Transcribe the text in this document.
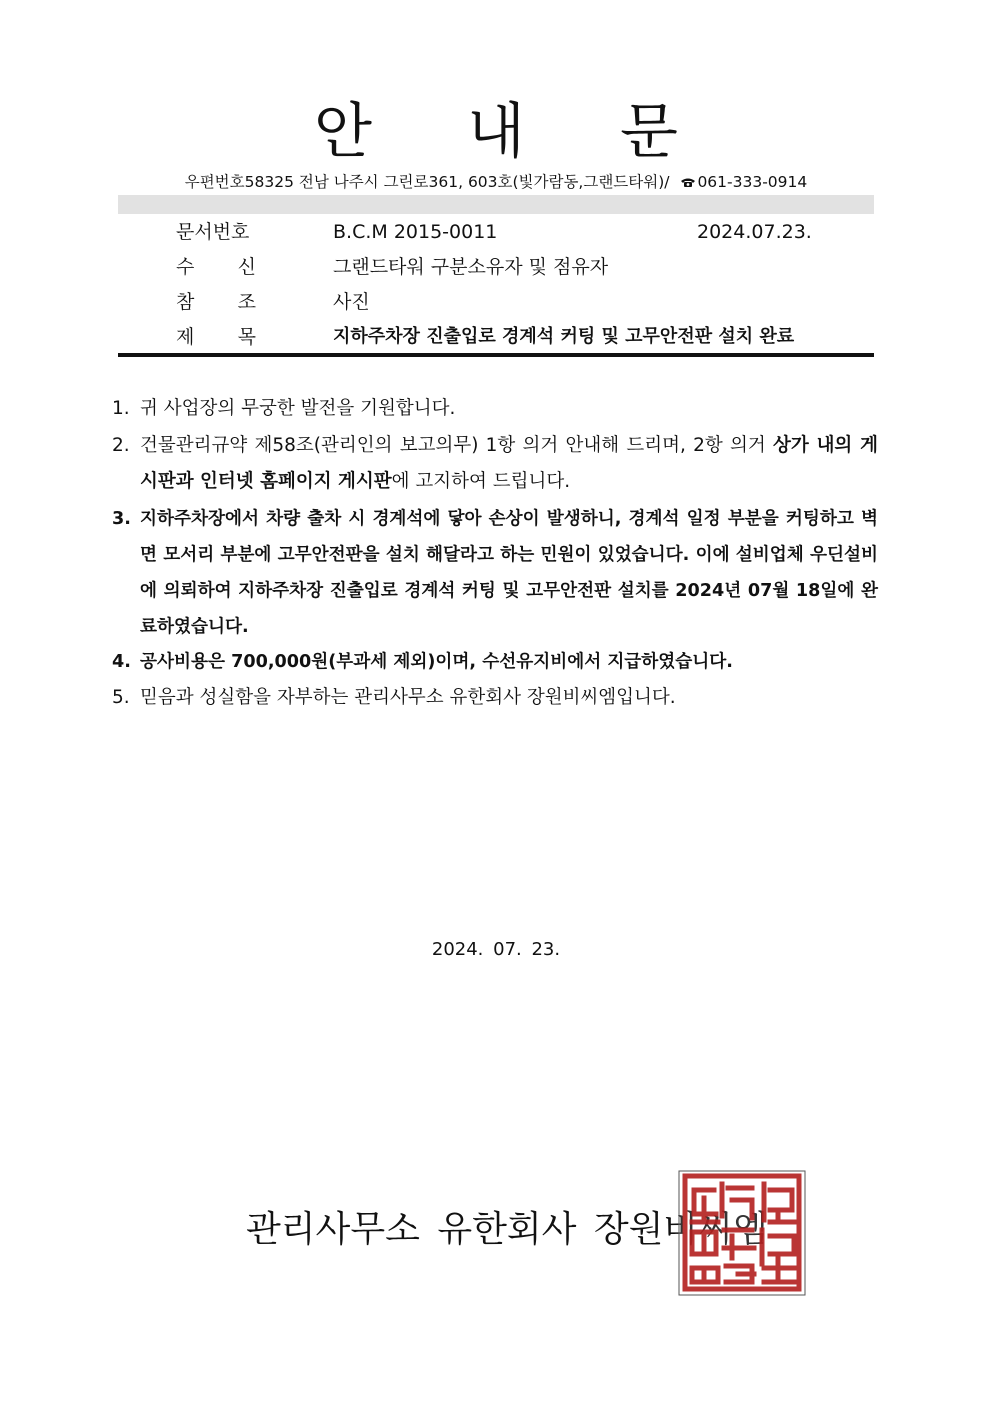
안 내 문
우편번호58325 전남 나주시 그린로361, 603호(빛가람동,그랜드타워)/ 061-333-0914
문서번호	B.C.M 2015-0011	2024.07.23.
수 신	그랜드타워 구분소유자 및 점유자
참 조	사진
제 목	지하주차장 진출입로 경계석 커팅 및 고무안전판 설치 완료
1. 귀 사업장의 무궁한 발전을 기원합니다.
2. 건물관리규약 제58조(관리인의 보고의무) 1항 의거 안내해 드리며, 2항 의거 상가 내의 게시판과 인터넷 홈페이지 게시판에 고지하여 드립니다.
3. 지하주차장에서 차량 출차 시 경계석에 닿아 손상이 발생하니, 경계석 일정 부분을 커팅하고 벽면 모서리 부분에 고무안전판을 설치 해달라고 하는 민원이 있었습니다. 이에 설비업체 우딘설비에 의뢰하여 지하주차장 진출입로 경계석 커팅 및 고무안전판 설치를 2024년 07월 18일에 완료하였습니다.
4. 공사비용은 700,000원(부과세 제외)이며, 수선유지비에서 지급하였습니다.
5. 믿음과 성실함을 자부하는 관리사무소 유한회사 장원비씨엠입니다.
2024. 07. 23.
관리사무소 유한회사 장원비씨엠
